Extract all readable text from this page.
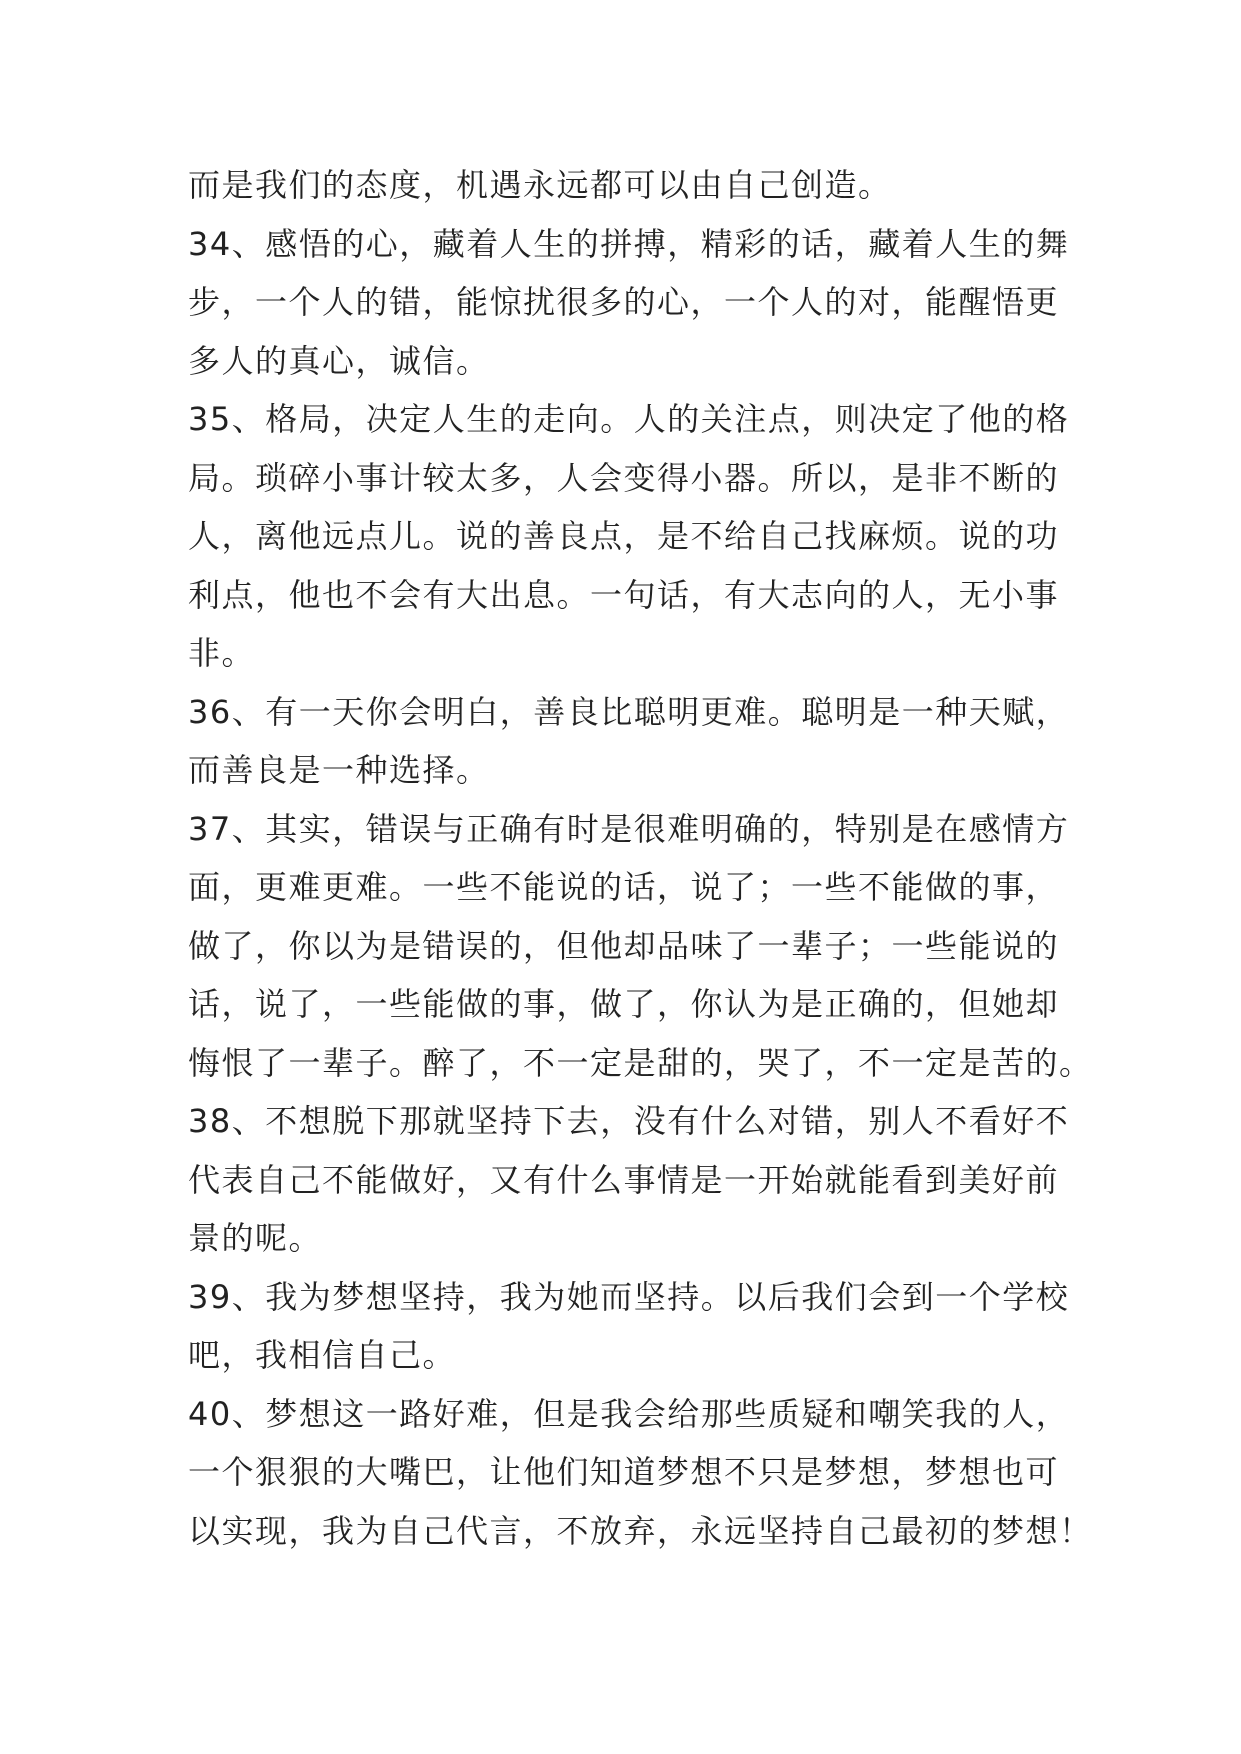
而是我们的态度，机遇永远都可以由自己创造。
34、感悟的心，藏着人生的拼搏，精彩的话，藏着人生的舞
步，一个人的错，能惊扰很多的心，一个人的对，能醒悟更
多人的真心，诚信。
35、格局，决定人生的走向。人的关注点，则决定了他的格
局。琐碎小事计较太多，人会变得小器。所以，是非不断的
人，离他远点儿。说的善良点，是不给自己找麻烦。说的功
利点，他也不会有大出息。一句话，有大志向的人，无小事
非。
36、有一天你会明白，善良比聪明更难。聪明是一种天赋，
而善良是一种选择。
37、其实，错误与正确有时是很难明确的，特别是在感情方
面，更难更难。一些不能说的话，说了；一些不能做的事，
做了，你以为是错误的，但他却品味了一辈子；一些能说的
话，说了，一些能做的事，做了，你认为是正确的，但她却
悔恨了一辈子。醉了，不一定是甜的，哭了，不一定是苦的。
38、不想脱下那就坚持下去，没有什么对错，别人不看好不
代表自己不能做好，又有什么事情是一开始就能看到美好前
景的呢。
39、我为梦想坚持，我为她而坚持。以后我们会到一个学校
吧，我相信自己。
40、梦想这一路好难，但是我会给那些质疑和嘲笑我的人，
一个狠狠的大嘴巴，让他们知道梦想不只是梦想，梦想也可
以实现，我为自己代言，不放弃，永远坚持自己最初的梦想！
